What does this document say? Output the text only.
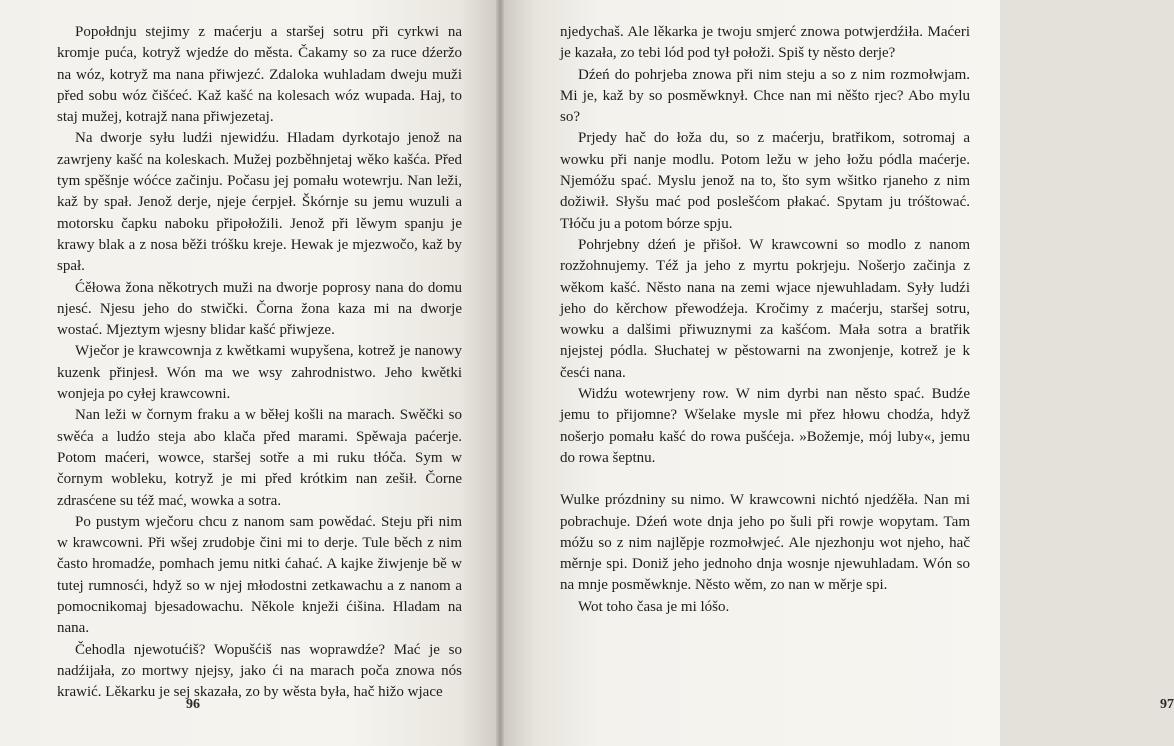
Popołdnju stejimy z maćerju a staršej sotru při cyrkwi na kromje puća, kotryž wjedźe do města. Čakamy so za ruce dźeržo na wóz, kotryž ma nana přiwjezć. Zdaloka wuhladam dweju muži před sobu wóz čišćeć. Kaž kašć na kolesach wóz wupada. Haj, to staj mužej, kotrajž nana přiwjezetaj.

Na dworje syłu ludźi njewidźu. Hladam dyrkotajo jenož na zawrjeny kašć na koleskach. Mužej pozběhnjetaj wěko kašća. Před tym spěšnje wóćce začinju. Počasu jej pomału wotewrju. Nan leži, kaž by spał. Jenož derje, njeje ćerpjeł. Škórnje su jemu wuzuli a motorsku čapku naboku připołožili. Jenož při lěwym spanju je krawy blak a z nosa běži tróšku kreje. Hewak je mjezwočo, kaž by spał.

Ćěłowa žona někotrych muži na dworje poprosy nana do domu njesć. Njesu jeho do stwički. Čorna žona kaza mi na dworje wostać. Mjeztym wjesny blidar kašć přiwjeze.

Wječor je krawcownja z kwětkami wupyšena, kotrež je nanowy kuzenk přinjesł. Wón ma we wsy zahrodnistwo. Jeho kwětki wonjeja po cyłej krawcowni.

Nan leži w čornym fraku a w běłej košli na marach. Swěčki so swěća a ludźo steja abo klača před marami. Spěwaja paćerje. Potom maćeri, wowce, staršej sotře a mi ruku tłóča. Sym w čornym wobleku, kotryž je mi před krótkim nan zešił. Čorne zdrasćene su též mać, wowka a sotra.

Po pustym wječoru chcu z nanom sam powědać. Steju při nim w krawcowni. Při wšej zrudobje čini mi to derje. Tule běch z nim často hromadźe, pomhach jemu nitki ćahać. A kajke žiwjenje bě w tutej rumnosći, hdyž so w njej młodostni zetkawachu a z nanom a pomocnikomaj bjesadowachu. Někole knježi ćišina. Hladam na nana.

Čehodla njewotućiš? Wopušćiš nas woprawdźe? Mać je so nadźijała, zo mortwy njejsy, jako ći na marach poča znowa nós krawić. Lěkarku je sej skazała, zo by wěsta była, hač hižo wjace

96

njedychaš. Ale lěkarka je twoju smjerć znowa potwjerdźiła. Maćeri je kazała, zo tebi lód pod tył połoži. Spiš ty něsto derje?

Dźeń do pohrjeba znowa při nim steju a so z nim rozmołwjam. Mi je, kaž by so posměwknył. Chce nan mi něšto rjec? Abo mylu so?

Prjedy hač do łoža du, so z maćerju, bratřikom, sotromaj a wowku při nanje modlu. Potom ležu w jeho łožu pódla maćerje. Njemóžu spać. Myslu jenož na to, što sym wšitko rjaneho z nim dožiwił. Słyšu mać pod poslešćom płakać. Spytam ju tróštować. Tłóču ju a potom bórze spju.

Pohrjebny dźeń je přišoł. W krawcowni so modlo z nanom rozžohnujemy. Též ja jeho z myrtu pokrjeju. Nošerjo začinja z wěkom kašć. Něsto nana na zemi wjace njewuhladam. Syły ludźi jeho do kěrchow přewodźeja. Kročimy z maćerju, staršej sotru, wowku a dalšimi přiwuznymi za kašćom. Mała sotra a bratřik njejstej pódla. Słuchatej w pěstowarni na zwonjenje, kotrež je k česći nana.

Widźu wotewrjeny row. W nim dyrbi nan něsto spać. Budźe jemu to přijomne? Wšelake mysle mi přez hłowu chodźa, hdyž nošerjo pomału kašć do rowa pušćeja. »Božemje, mój luby«, jemu do rowa šeptnu.

Wulke prózdniny su nimo. W krawcowni nichtó njedźěła. Nan mi pobrachuje. Dźeń wote dnja jeho po šuli při rowje wopytam. Tam móžu so z nim najlěpje rozmołwjeć. Ale njezhonju wot njeho, hač měrnje spi. Doniž jeho jednoho dnja wosnje njewuhladam. Wón so na mnje posměwknje. Něsto wěm, zo nan w měrje spi.

Wot toho časa je mi lóšo.

97
